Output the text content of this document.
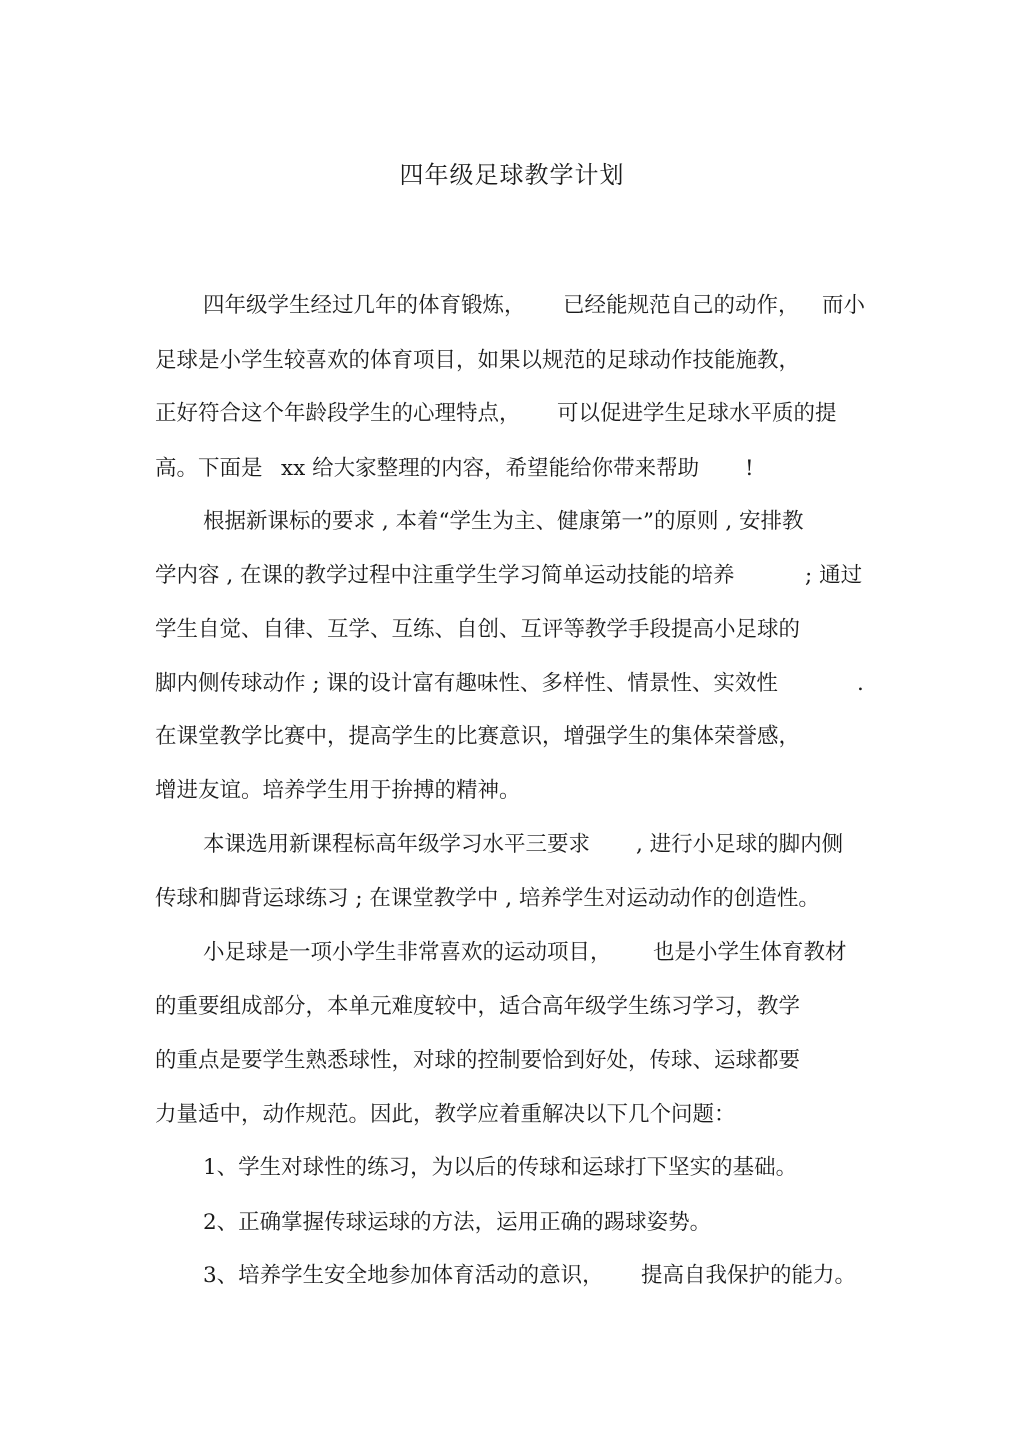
四年级足球教学计划
四年级学生经过几年的体育锻炼， 已经能规范自己的动作， 而小
足球是小学生较喜欢的体育项目，如果以规范的足球动作技能施教，
正好符合这个年龄段学生的心理特点， 可以促进学生足球水平质的提
高。下面是 xx 给大家整理的内容，希望能给你带来帮助 !
根据新课标的要求 , 本着“学生为主、健康第一”的原则 , 安排教
学内容 , 在课的教学过程中注重学生学习简单运动技能的培养	; 通过
学生自觉、自律、互学、互练、自创、互评等教学手段提高小足球的
脚内侧传球动作 ; 课的设计富有趣味性、多样性、情景性、实效性	.
在课堂教学比赛中，提高学生的比赛意识，增强学生的集体荣誉感，
增进友谊。培养学生用于拚搏的精神。
本课选用新课程标高年级学习水平三要求 , 进行小足球的脚内侧
传球和脚背运球练习 ; 在课堂教学中 , 培养学生对运动动作的创造性。
小足球是一项小学生非常喜欢的运动项目， 也是小学生体育教材
的重要组成部分，本单元难度较中，适合高年级学生练习学习，教学
的重点是要学生熟悉球性，对球的控制要恰到好处，传球、运球都要
力量适中，动作规范。因此，教学应着重解决以下几个问题：
1、学生对球性的练习，为以后的传球和运球打下坚实的基础。
2、正确掌握传球运球的方法，运用正确的踢球姿势。
3、培养学生安全地参加体育活动的意识， 提高自我保护的能力。
